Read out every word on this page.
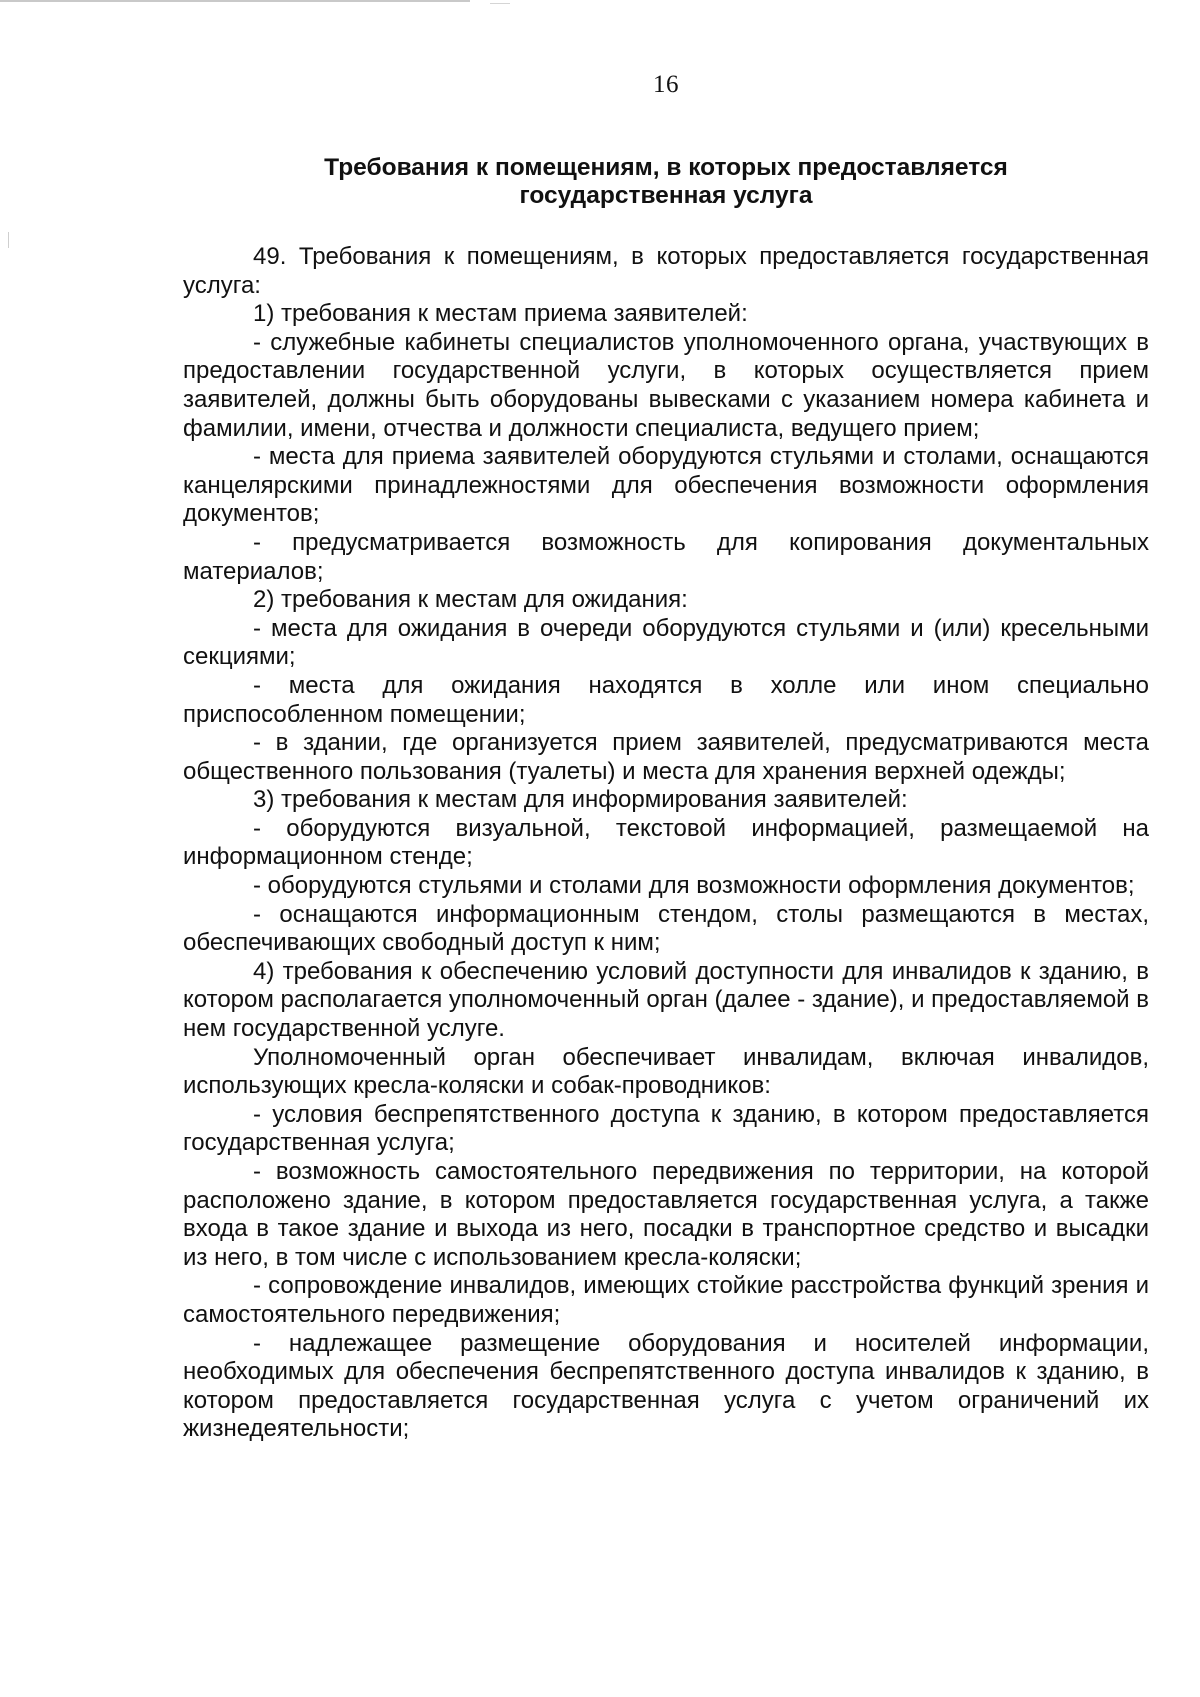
16
Требования к помещениям, в которых предоставляется
государственная услуга

49. Требования к помещениям, в которых предоставляется государственная услуга:

1) требования к местам приема заявителей:

- служебные кабинеты специалистов уполномоченного органа, участвующих в предоставлении государственной услуги, в которых осуществляется прием заявителей, должны быть оборудованы вывесками с указанием номера кабинета и фамилии, имени, отчества и должности специалиста, ведущего прием;

- места для приема заявителей оборудуются стульями и столами, оснащаются канцелярскими принадлежностями для обеспечения возможности оформления документов;

- предусматривается возможность для копирования документальных материалов;

2) требования к местам для ожидания:

- места для ожидания в очереди оборудуются стульями и (или) кресельными секциями;

- места для ожидания находятся в холле или ином специально приспособленном помещении;

- в здании, где организуется прием заявителей, предусматриваются места общественного пользования (туалеты) и места для хранения верхней одежды;

3) требования к местам для информирования заявителей:

- оборудуются визуальной, текстовой информацией, размещаемой на информационном стенде;

- оборудуются стульями и столами для возможности оформления документов;

- оснащаются информационным стендом, столы размещаются в местах, обеспечивающих свободный доступ к ним;

4) требования к обеспечению условий доступности для инвалидов к зданию, в котором располагается уполномоченный орган (далее - здание), и предоставляемой в нем государственной услуге.

Уполномоченный орган обеспечивает инвалидам, включая инвалидов, использующих кресла-коляски и собак-проводников:

- условия беспрепятственного доступа к зданию, в котором предоставляется государственная услуга;

- возможность самостоятельного передвижения по территории, на которой расположено здание, в котором предоставляется государственная услуга, а также входа в такое здание и выхода из него, посадки в транспортное средство и высадки из него, в том числе с использованием кресла-коляски;

- сопровождение инвалидов, имеющих стойкие расстройства функций зрения и самостоятельного передвижения;

- надлежащее размещение оборудования и носителей информации, необходимых для обеспечения беспрепятственного доступа инвалидов к зданию, в котором предоставляется государственная услуга с учетом ограничений их жизнедеятельности;
